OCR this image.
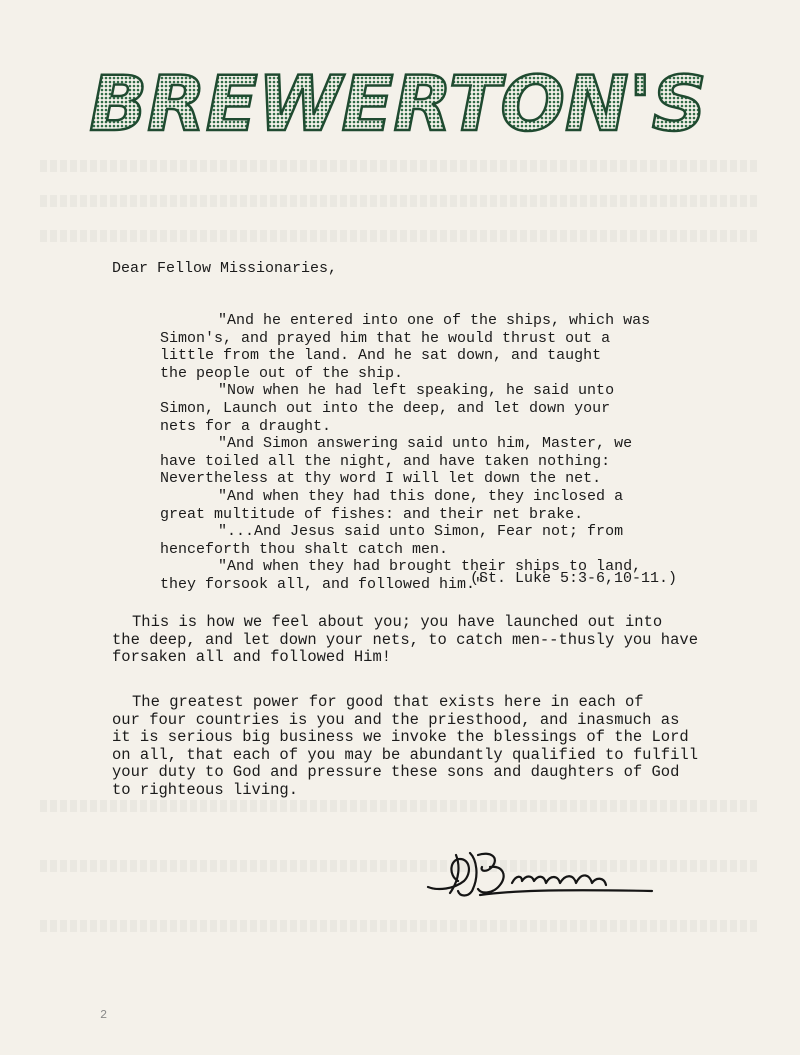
BREWERTON'S
Dear Fellow Missionaries,

"And he entered into one of the ships, which was

Simon's, and prayed him that he would thrust out a

little from the land. And he sat down, and taught

the people out of the ship.

"Now when he had left speaking, he said unto

Simon, Launch out into the deep, and let down your

nets for a draught.

"And Simon answering said unto him, Master, we

have toiled all the night, and have taken nothing:

Nevertheless at thy word I will let down the net.

"And when they had this done, they inclosed a

great multitude of fishes: and their net brake.

"...And Jesus said unto Simon, Fear not; from

henceforth thou shalt catch men.

"And when they had brought their ships to land,

they forsook all, and followed him."

(St. Luke 5:3-6,10-11.)
This is how we feel about you; you have launched out into
the deep, and let down your nets, to catch men--thusly you have
forsaken all and followed Him!
The greatest power for good that exists here in each of
our four countries is you and the priesthood, and inasmuch as
it is serious big business we invoke the blessings of the Lord
on all, that each of you may be abundantly qualified to fulfill
your duty to God and pressure these sons and daughters of God
to righteous living.
2
